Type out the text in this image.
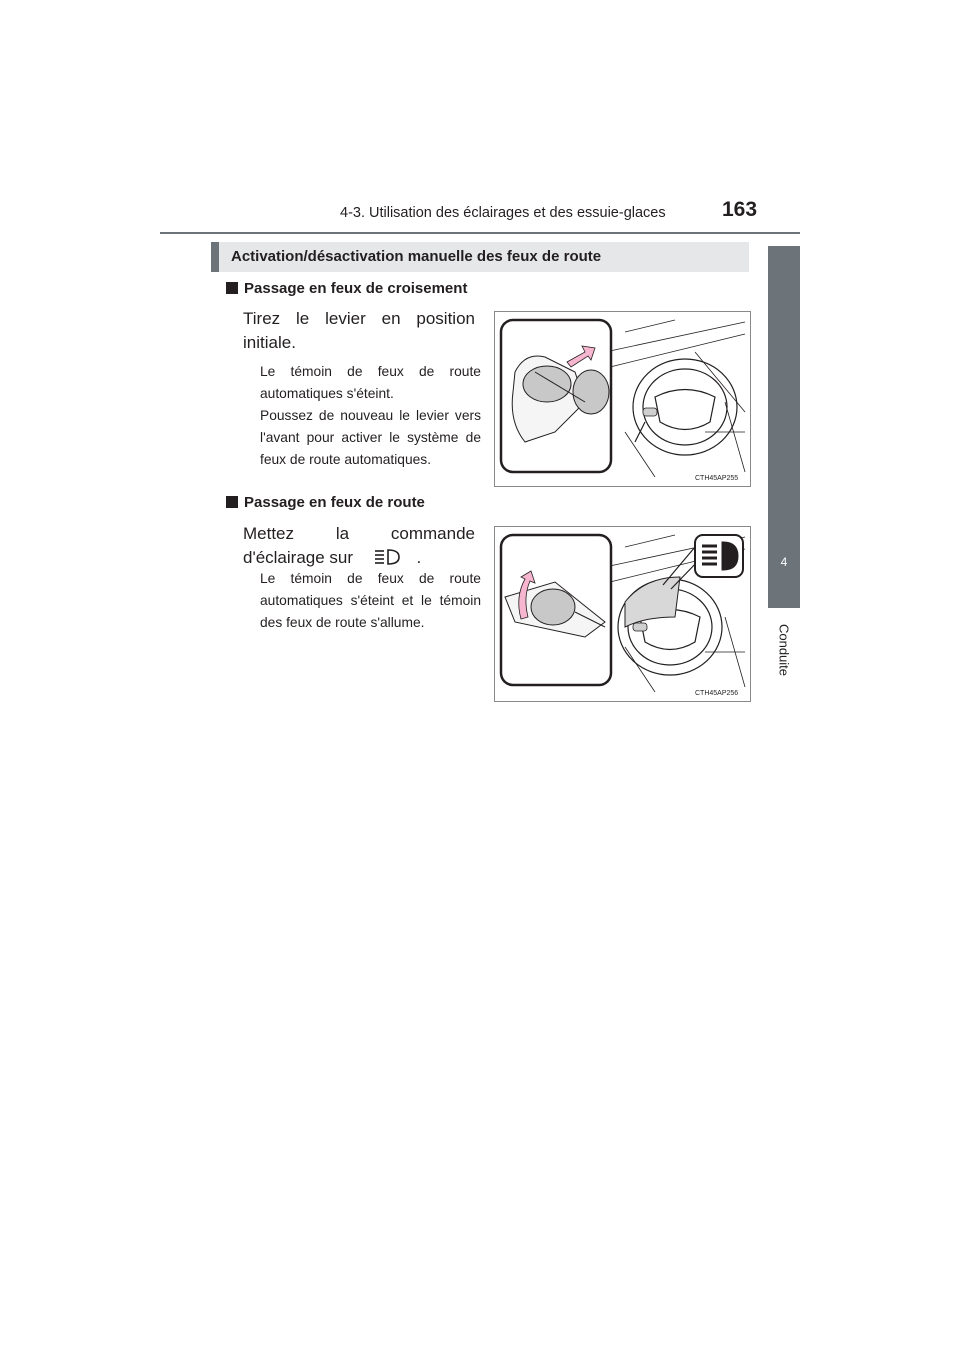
4-3. Utilisation des éclairages et des essuie-glaces	163
4
Conduite
Activation/désactivation manuelle des feux de route
Passage en feux de croisement
Tirez le levier en position initiale.
Le témoin de feux de route automatiques s'éteint.
Poussez de nouveau le levier vers l'avant pour activer le système de feux de route automatiques.
CTH45AP255
Passage en feux de route
Mettez la commande d'éclairage sur	.
Le témoin de feux de route automatiques s'éteint et le témoin des feux de route s'allume.
CTH45AP256
